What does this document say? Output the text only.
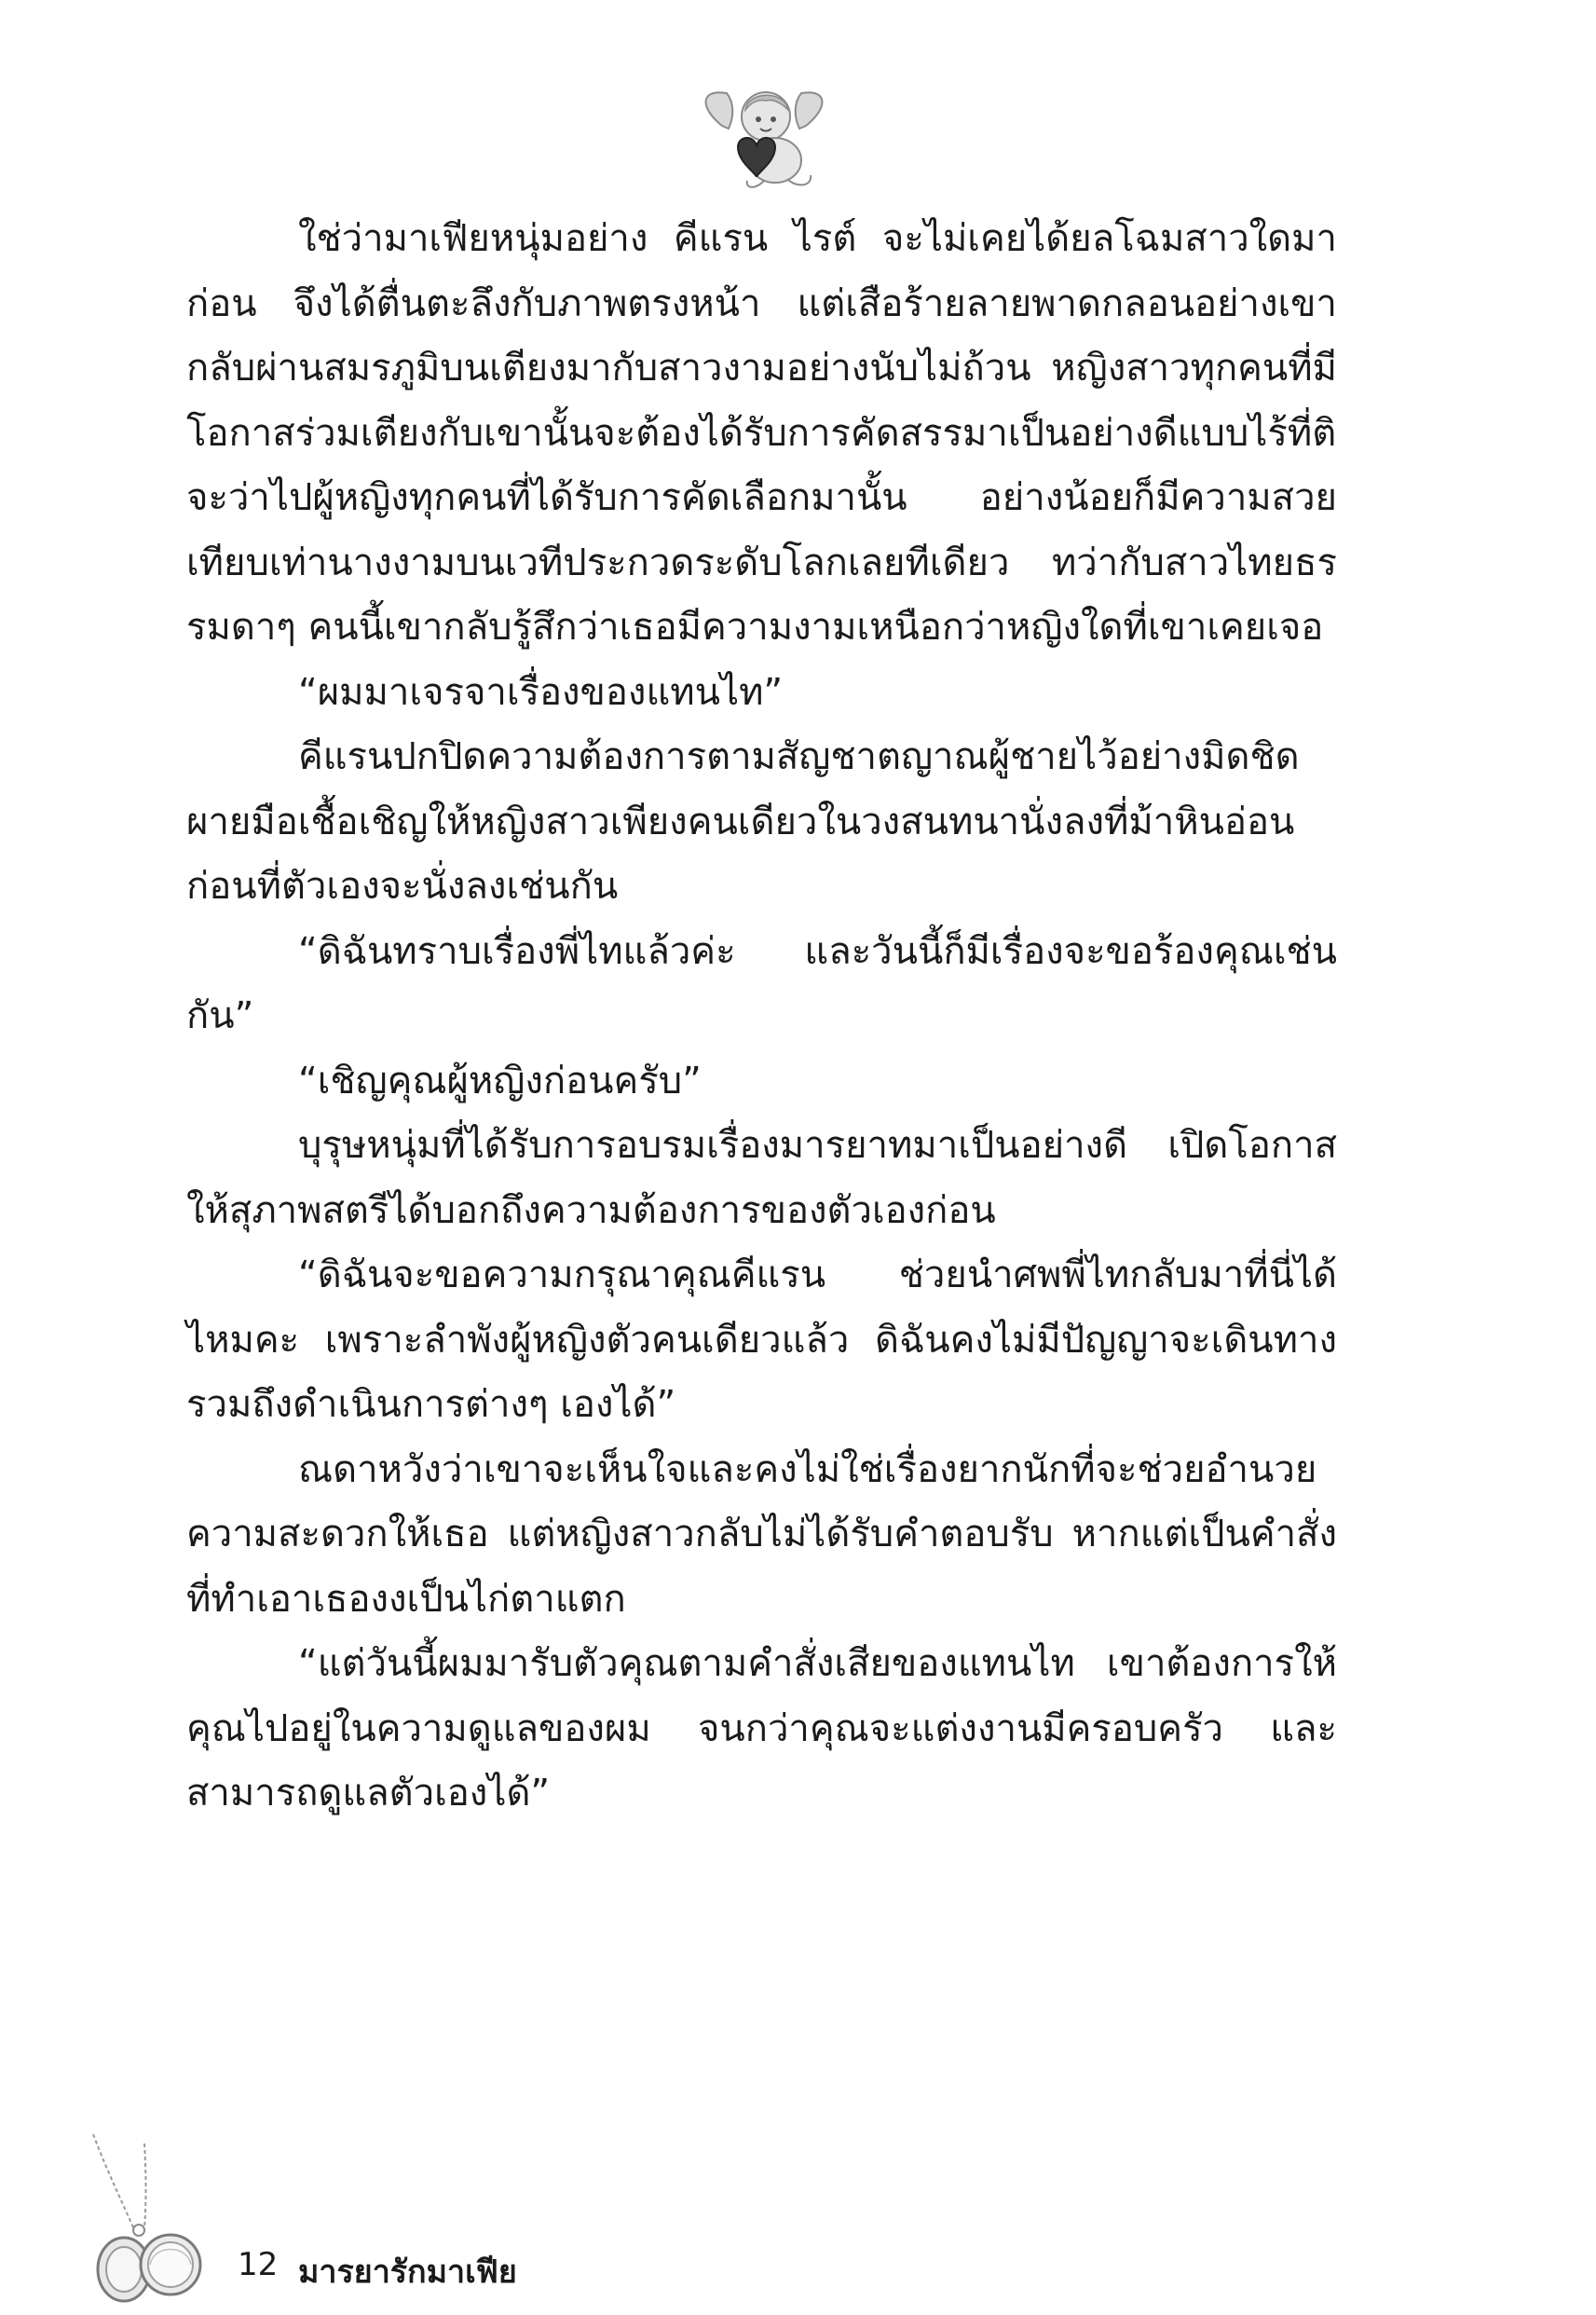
ใช่ว่ามาเฟียหนุ่มอย่าง คีแรน ไรต์ จะไม่เคยได้ยลโฉมสาวใดมาก่อน จึงได้ตื่นตะลึงกับภาพตรงหน้า แต่เสือร้ายลายพาดกลอนอย่างเขากลับผ่านสมรภูมิบนเตียงมากับสาวงามอย่างนับไม่ถ้วน หญิงสาวทุกคนที่มีโอกาสร่วมเตียงกับเขานั้นจะต้องได้รับการคัดสรรมาเป็นอย่างดีแบบไร้ที่ติ จะว่าไปผู้หญิงทุกคนที่ได้รับการคัดเลือกมานั้น อย่างน้อยก็มีความสวยเทียบเท่านางงามบนเวทีประกวดระดับโลกเลยทีเดียว ทว่ากับสาวไทยธรรมดาๆ คนนี้เขากลับรู้สึกว่าเธอมีความงามเหนือกว่าหญิงใดที่เขาเคยเจอ

“ผมมาเจรจาเรื่องของแทนไท”

คีแรนปกปิดความต้องการตามสัญชาตญาณผู้ชายไว้อย่างมิดชิด ผายมือเชื้อเชิญให้หญิงสาวเพียงคนเดียวในวงสนทนานั่งลงที่ม้าหินอ่อนก่อนที่ตัวเองจะนั่งลงเช่นกัน

“ดิฉันทราบเรื่องพี่ไทแล้วค่ะ และวันนี้ก็มีเรื่องจะขอร้องคุณเช่นกัน”

“เชิญคุณผู้หญิงก่อนครับ”

บุรุษหนุ่มที่ได้รับการอบรมเรื่องมารยาทมาเป็นอย่างดี เปิดโอกาสให้สุภาพสตรีได้บอกถึงความต้องการของตัวเองก่อน

“ดิฉันจะขอความกรุณาคุณคีแรน ช่วยนำศพพี่ไทกลับมาที่นี่ได้ไหมคะ เพราะลำพังผู้หญิงตัวคนเดียวแล้ว ดิฉันคงไม่มีปัญญาจะเดินทางรวมถึงดำเนินการต่างๆ เองได้”

ณดาหวังว่าเขาจะเห็นใจและคงไม่ใช่เรื่องยากนักที่จะช่วยอำนวยความสะดวกให้เธอ แต่หญิงสาวกลับไม่ได้รับคำตอบรับ หากแต่เป็นคำสั่งที่ทำเอาเธองงเป็นไก่ตาแตก

“แต่วันนี้ผมมารับตัวคุณตามคำสั่งเสียของแทนไท เขาต้องการให้คุณไปอยู่ในความดูแลของผม จนกว่าคุณจะแต่งงานมีครอบครัว และสามารถดูแลตัวเองได้”

12 มารยารักมาเฟีย
